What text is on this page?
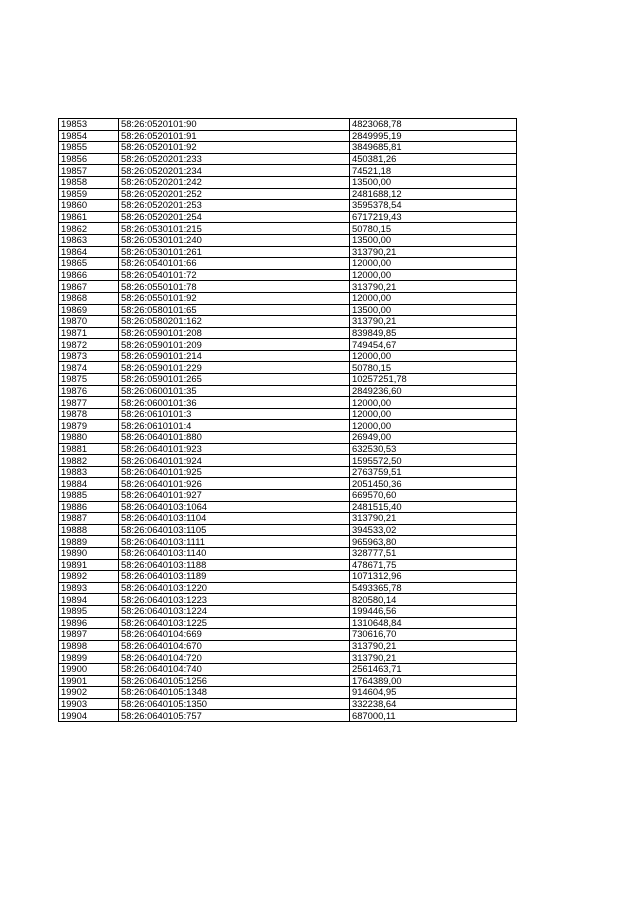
19853	58:26:0520101:90	4823068,78
19854	58:26:0520101:91	2849995,19
19855	58:26:0520101:92	3849685,81
19856	58:26:0520201:233	450381,26
19857	58:26:0520201:234	74521,18
19858	58:26:0520201:242	13500,00
19859	58:26:0520201:252	2481688,12
19860	58:26:0520201:253	3595378,54
19861	58:26:0520201:254	6717219,43
19862	58:26:0530101:215	50780,15
19863	58:26:0530101:240	13500,00
19864	58:26:0530101:261	313790,21
19865	58:26:0540101:66	12000,00
19866	58:26:0540101:72	12000,00
19867	58:26:0550101:78	313790,21
19868	58:26:0550101:92	12000,00
19869	58:26:0580101:65	13500,00
19870	58:26:0580201:162	313790,21
19871	58:26:0590101:208	839849,85
19872	58:26:0590101:209	749454,67
19873	58:26:0590101:214	12000,00
19874	58:26:0590101:229	50780,15
19875	58:26:0590101:265	10257251,78
19876	58:26:0600101:35	2849236,60
19877	58:26:0600101:36	12000,00
19878	58:26:0610101:3	12000,00
19879	58:26:0610101:4	12000,00
19880	58:26:0640101:880	26949,00
19881	58:26:0640101:923	632530,53
19882	58:26:0640101:924	1595572,50
19883	58:26:0640101:925	2763759,51
19884	58:26:0640101:926	2051450,36
19885	58:26:0640101:927	669570,60
19886	58:26:0640103:1064	2481515,40
19887	58:26:0640103:1104	313790,21
19888	58:26:0640103:1105	394533,02
19889	58:26:0640103:1111	965963,80
19890	58:26:0640103:1140	328777,51
19891	58:26:0640103:1188	478671,75
19892	58:26:0640103:1189	1071312,96
19893	58:26:0640103:1220	5493365,78
19894	58:26:0640103:1223	820580,14
19895	58:26:0640103:1224	199446,56
19896	58:26:0640103:1225	1310648,84
19897	58:26:0640104:669	730616,70
19898	58:26:0640104:670	313790,21
19899	58:26:0640104:720	313790,21
19900	58:26:0640104:740	2561463,71
19901	58:26:0640105:1256	1764389,00
19902	58:26:0640105:1348	914604,95
19903	58:26:0640105:1350	332238,64
19904	58:26:0640105:757	687000,11
